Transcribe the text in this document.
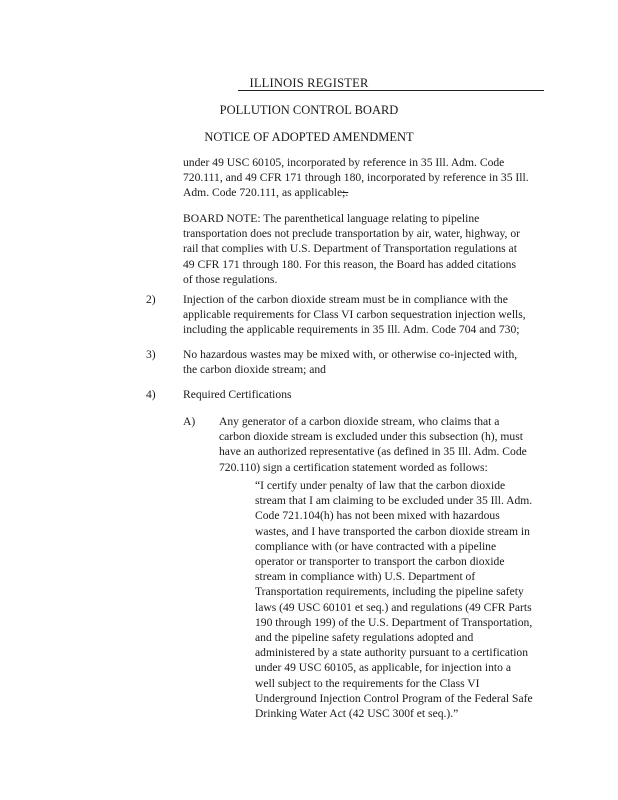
ILLINOIS REGISTER
POLLUTION CONTROL BOARD
NOTICE OF ADOPTED AMENDMENT

under 49 USC 60105, incorporated by reference in 35 Ill. Adm. Code
720.111, and 49 CFR 171 through 180, incorporated by reference in 35 Ill.
Adm. Code 720.111, as applicable;.

BOARD NOTE: The parenthetical language relating to pipeline
transportation does not preclude transportation by air, water, highway, or
rail that complies with U.S. Department of Transportation regulations at
49 CFR 171 through 180. For this reason, the Board has added citations
of those regulations.

2) Injection of the carbon dioxide stream must be in compliance with the
applicable requirements for Class VI carbon sequestration injection wells,
including the applicable requirements in 35 Ill. Adm. Code 704 and 730;

3) No hazardous wastes may be mixed with, or otherwise co-injected with,
the carbon dioxide stream; and

4) Required Certifications

A) Any generator of a carbon dioxide stream, who claims that a
carbon dioxide stream is excluded under this subsection (h), must
have an authorized representative (as defined in 35 Ill. Adm. Code
720.110) sign a certification statement worded as follows:

“I certify under penalty of law that the carbon dioxide
stream that I am claiming to be excluded under 35 Ill. Adm.
Code 721.104(h) has not been mixed with hazardous
wastes, and I have transported the carbon dioxide stream in
compliance with (or have contracted with a pipeline
operator or transporter to transport the carbon dioxide
stream in compliance with) U.S. Department of
Transportation requirements, including the pipeline safety
laws (49 USC 60101 et seq.) and regulations (49 CFR Parts
190 through 199) of the U.S. Department of Transportation,
and the pipeline safety regulations adopted and
administered by a state authority pursuant to a certification
under 49 USC 60105, as applicable, for injection into a
well subject to the requirements for the Class VI
Underground Injection Control Program of the Federal Safe
Drinking Water Act (42 USC 300f et seq.).”
